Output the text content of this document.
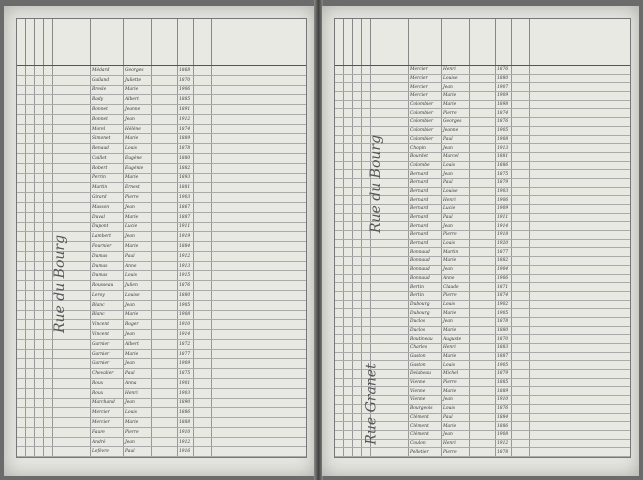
Rue du Bourg
Médard	Georges	1868
Galland	Juliette	1870
Bresle	Marie	1906
Bady	Albert	1885
Bonnet	Jeanne	1891
Bonnet	Jean	1912
Morel	Hélène	1874
Simonet	Marie	1889
Renaud	Louis	1878
Caillet	Eugène	1880
Robert	Eugénie	1882
Perrin	Marie	1893
Martin	Ernest	1881
Girard	Pierre	1903
Masson	Jean	1867
Duval	Marie	1887
Dupont	Lucie	1911
Lambert	Jean	1919
Fournier	Marie	1884
Dumas	Paul	1912
Dumas	Anne	1913
Dumas	Louis	1915
Rousseau	Julien	1876
Leroy	Louise	1880
Blanc	Jean	1905
Blanc	Marie	1908
Vincent	Roger	1910
Vincent	Jean	1914
Garnier	Albert	1872
Garnier	Marie	1877
Garnier	Jean	1909
Chevalier	Paul	1875
Roux	Anna	1901
Roux	Henri	1903
Marchand	Jean	1890
Mercier	Louis	1886
Mercier	Marie	1888
Faure	Pierre	1910
André	Jean	1912
Lefèvre	Paul	1916
Rue du Bourg
Rue Granet
Mercier	Henri	1876
Mercier	Louise	1880
Mercier	Jean	1907
Mercier	Marie	1909
Colombier	Marie	1898
Colombier	Pierre	1874
Colombier	Georges	1876
Colombier	Jeanne	1905
Colombier	Paul	1908
Chopin	Jean	1913
Bourdet	Marcel	1881
Colombe	Louis	1886
Bernard	Jean	1875
Bernard	Paul	1879
Bernard	Louise	1903
Bernard	Henri	1906
Bernard	Lucie	1909
Bernard	Paul	1911
Bernard	Jean	1914
Bernard	Pierre	1918
Bernard	Louis	1920
Bonnaud	Martin	1877
Bonnaud	Marie	1882
Bonnaud	Jean	1904
Bonnaud	Anne	1906
Bertin	Claude	1871
Bertin	Pierre	1874
Dubourg	Louis	1902
Dubourg	Marie	1905
Duclos	Jean	1878
Duclos	Marie	1880
Boutineau	Auguste	1870
Charles	Henri	1883
Gaston	Marie	1887
Gaston	Louis	1905
Delabeau	Michel	1879
Vienne	Pierre	1885
Vienne	Marie	1889
Vienne	Jean	1910
Bourgeois	Louis	1876
Clément	Paul	1884
Clément	Marie	1886
Clément	Jean	1908
Coulon	Henri	1912
Pelletier	Pierre	1878
